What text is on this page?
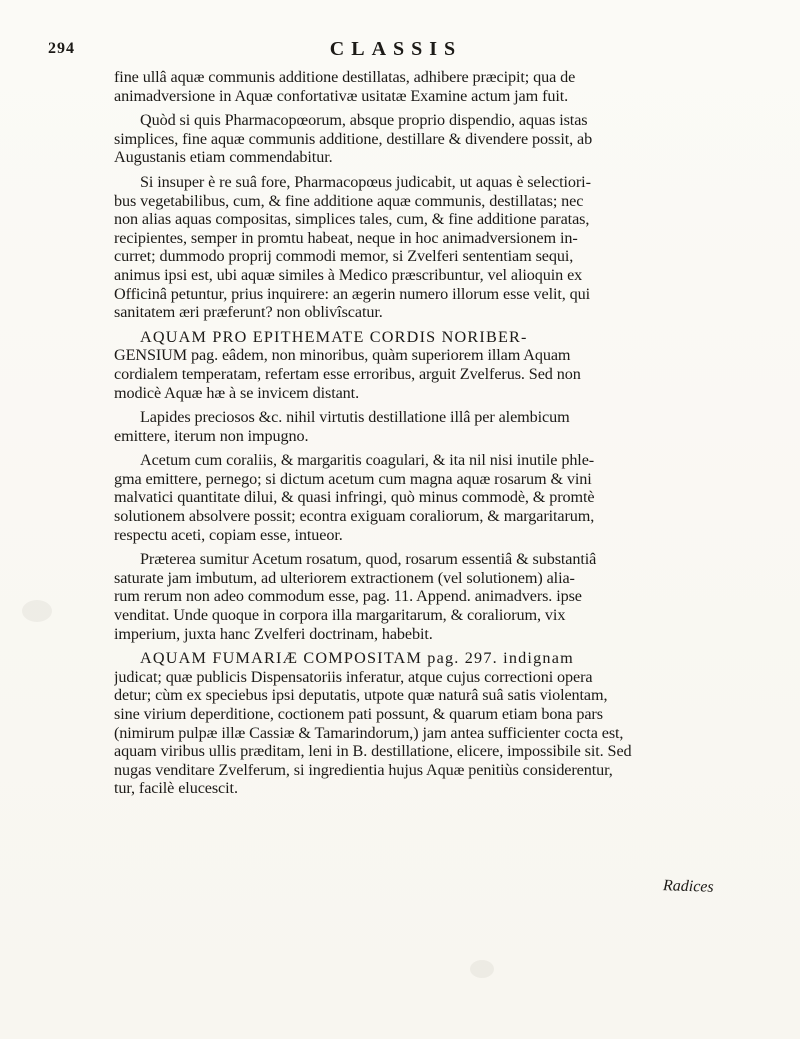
294	CLASSIS
fine ullâ aquæ communis additione destillatas, adhibere præcipit; qua de
animadversione in Aquæ confortativæ usitatæ Examine actum jam fuit.
Quòd si quis Pharmacopœorum, absque proprio dispendio, aquas istas
simplices, fine aquæ communis additione, destillare & divendere possit, ab
Augustanis etiam commendabitur.
Si insuper è re suâ fore, Pharmacopœus judicabit, ut aquas è selectiori-
bus vegetabilibus, cum, & fine additione aquæ communis, destillatas; nec
non alias aquas compositas, simplices tales, cum, & fine additione paratas,
recipientes, semper in promtu habeat, neque in hoc animadversionem in-
curret; dummodo proprij commodi memor, si Zvelferi sententiam sequi,
animus ipsi est, ubi aquæ similes à Medico præscribuntur, vel alioquin ex
Officinâ petuntur, prius inquirere: an ægerin numero illorum esse velit, qui
sanitatem æri præferunt? non oblivîscatur.
AQUAM PRO EPITHEMATE CORDIS NORIBER-
GENSIUM pag. eâdem, non minoribus, quàm superiorem illam Aquam
cordialem temperatam, refertam esse erroribus, arguit Zvelferus. Sed non
modicè Aquæ hæ à se invicem distant.
Lapides preciosos &c. nihil virtutis destillatione illâ per alembicum
emittere, iterum non impugno.
Acetum cum coraliis, & margaritis coagulari, & ita nil nisi inutile phle-
gma emittere, pernego; si dictum acetum cum magna aquæ rosarum & vini
malvatici quantitate dilui, & quasi infringi, quò minus commodè, & promtè
solutionem absolvere possit; econtra exiguam coraliorum, & margaritarum,
respectu aceti, copiam esse, intueor.
Præterea sumitur Acetum rosatum, quod, rosarum essentiâ & substantiâ
saturate jam imbutum, ad ulteriorem extractionem (vel solutionem) alia-
rum rerum non adeo commodum esse, pag. 11. Append. animadvers. ipse
venditat. Unde quoque in corpora illa margaritarum, & coraliorum, vix
imperium, juxta hanc Zvelferi doctrinam, habebit.
AQUAM FUMARIÆ COMPOSITAM pag. 297. indignam
judicat; quæ publicis Dispensatoriis inferatur, atque cujus correctioni opera
detur; cùm ex speciebus ipsi deputatis, utpote quæ naturâ suâ satis violentam,
sine virium deperditione, coctionem pati possunt, & quarum etiam bona pars
(nimirum pulpæ illæ Cassiæ & Tamarindorum,) jam antea sufficienter cocta est,
aquam viribus ullis præditam, leni in B. destillatione, elicere, impossibile sit. Sed
nugas venditare Zvelferum, si ingredientia hujus Aquæ penitiùs considerentur,
tur, facilè elucescit.
Radices
